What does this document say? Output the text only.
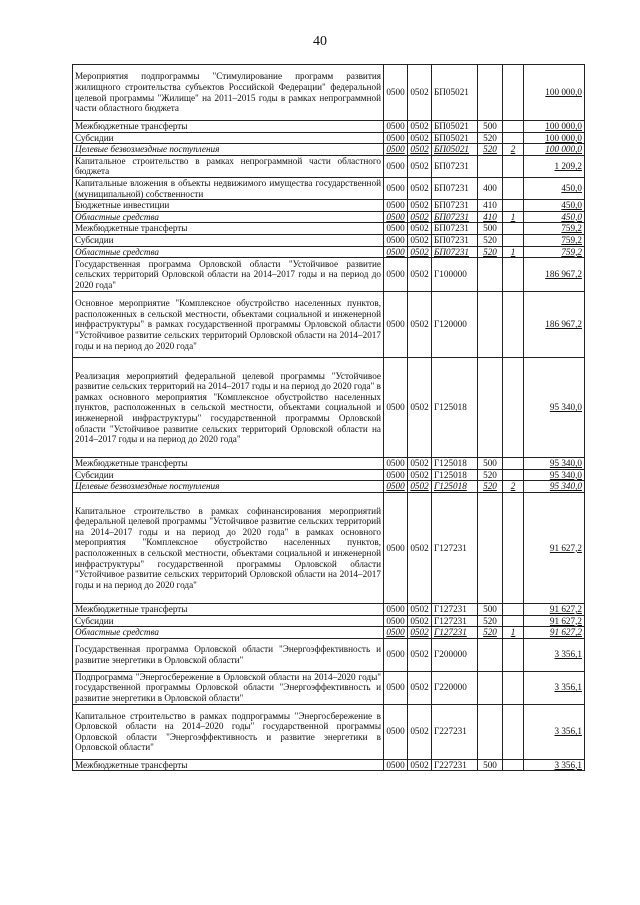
40
Мероприятия подпрограммы "Стимулирование программ развития жилищного строительства субъектов Российской Федерации" федеральной целевой программы "Жилище" на 2011–2015 годы в рамках непрограммной части областного бюджета	0500	0502	БП05021			100 000,0
Межбюджетные трансферты	0500	0502	БП05021	500		100 000,0
Субсидии	0500	0502	БП05021	520		100 000,0
Целевые безвозмездные поступления	0500	0502	БП05021	520	2	100 000,0
Капитальное строительство в рамках непрограммной части областного бюджета	0500	0502	БП07231			1 209,2
Капитальные вложения в объекты недвижимого имущества государственной (муниципальной) собственности	0500	0502	БП07231	400		450,0
Бюджетные инвестиции	0500	0502	БП07231	410		450,0
Областные средства	0500	0502	БП07231	410	1	450,0
Межбюджетные трансферты	0500	0502	БП07231	500		759,2
Субсидии	0500	0502	БП07231	520		759,2
Областные средства	0500	0502	БП07231	520	1	759,2
Государственная программа Орловской области "Устойчивое развитие сельских территорий Орловской области на 2014–2017 годы и на период до 2020 года"	0500	0502	Г100000			186 967,2
Основное мероприятие "Комплексное обустройство населенных пунктов, расположенных в сельской местности, объектами социальной и инженерной инфраструктуры" в рамках государственной программы Орловской области "Устойчивое развитие сельских территорий Орловской области на 2014–2017 годы и на период до 2020 года"	0500	0502	Г120000			186 967,2
Реализация мероприятий федеральной целевой программы "Устойчивое развитие сельских территорий на 2014–2017 годы и на период до 2020 года" в рамках основного мероприятия "Комплексное обустройство населенных пунктов, расположенных в сельской местности, объектами социальной и инженерной инфраструктуры" государственной программы Орловской области "Устойчивое развитие сельских территорий Орловской области на 2014–2017 годы и на период до 2020 года"	0500	0502	Г125018			95 340,0
Межбюджетные трансферты	0500	0502	Г125018	500		95 340,0
Субсидии	0500	0502	Г125018	520		95 340,0
Целевые безвозмездные поступления	0500	0502	Г125018	520	2	95 340,0
Капитальное строительство в рамках софинансирования мероприятий федеральной целевой программы "Устойчивое развитие сельских территорий на 2014–2017 годы и на период до 2020 года" в рамках основного мероприятия "Комплексное обустройство населенных пунктов, расположенных в сельской местности, объектами социальной и инженерной инфраструктуры" государственной программы Орловской области "Устойчивое развитие сельских территорий Орловской области на 2014–2017 годы и на период до 2020 года"	0500	0502	Г127231			91 627,2
Межбюджетные трансферты	0500	0502	Г127231	500		91 627,2
Субсидии	0500	0502	Г127231	520		91 627,2
Областные средства	0500	0502	Г127231	520	1	91 627,2
Государственная программа Орловской области "Энергоэффективность и развитие энергетики в Орловской области"	0500	0502	Г200000			3 356,1
Подпрограмма "Энергосбережение в Орловской области на 2014–2020 годы" государственной программы Орловской области "Энергоэффективность и развитие энергетики в Орловской области"	0500	0502	Г220000			3 356,1
Капитальное строительство в рамках подпрограммы "Энергосбережение в Орловской области на 2014–2020 годы" государственной программы Орловской области "Энергоэффективность и развитие энергетики в Орловской области"	0500	0502	Г227231			3 356,1
Межбюджетные трансферты	0500	0502	Г227231	500		3 356,1
